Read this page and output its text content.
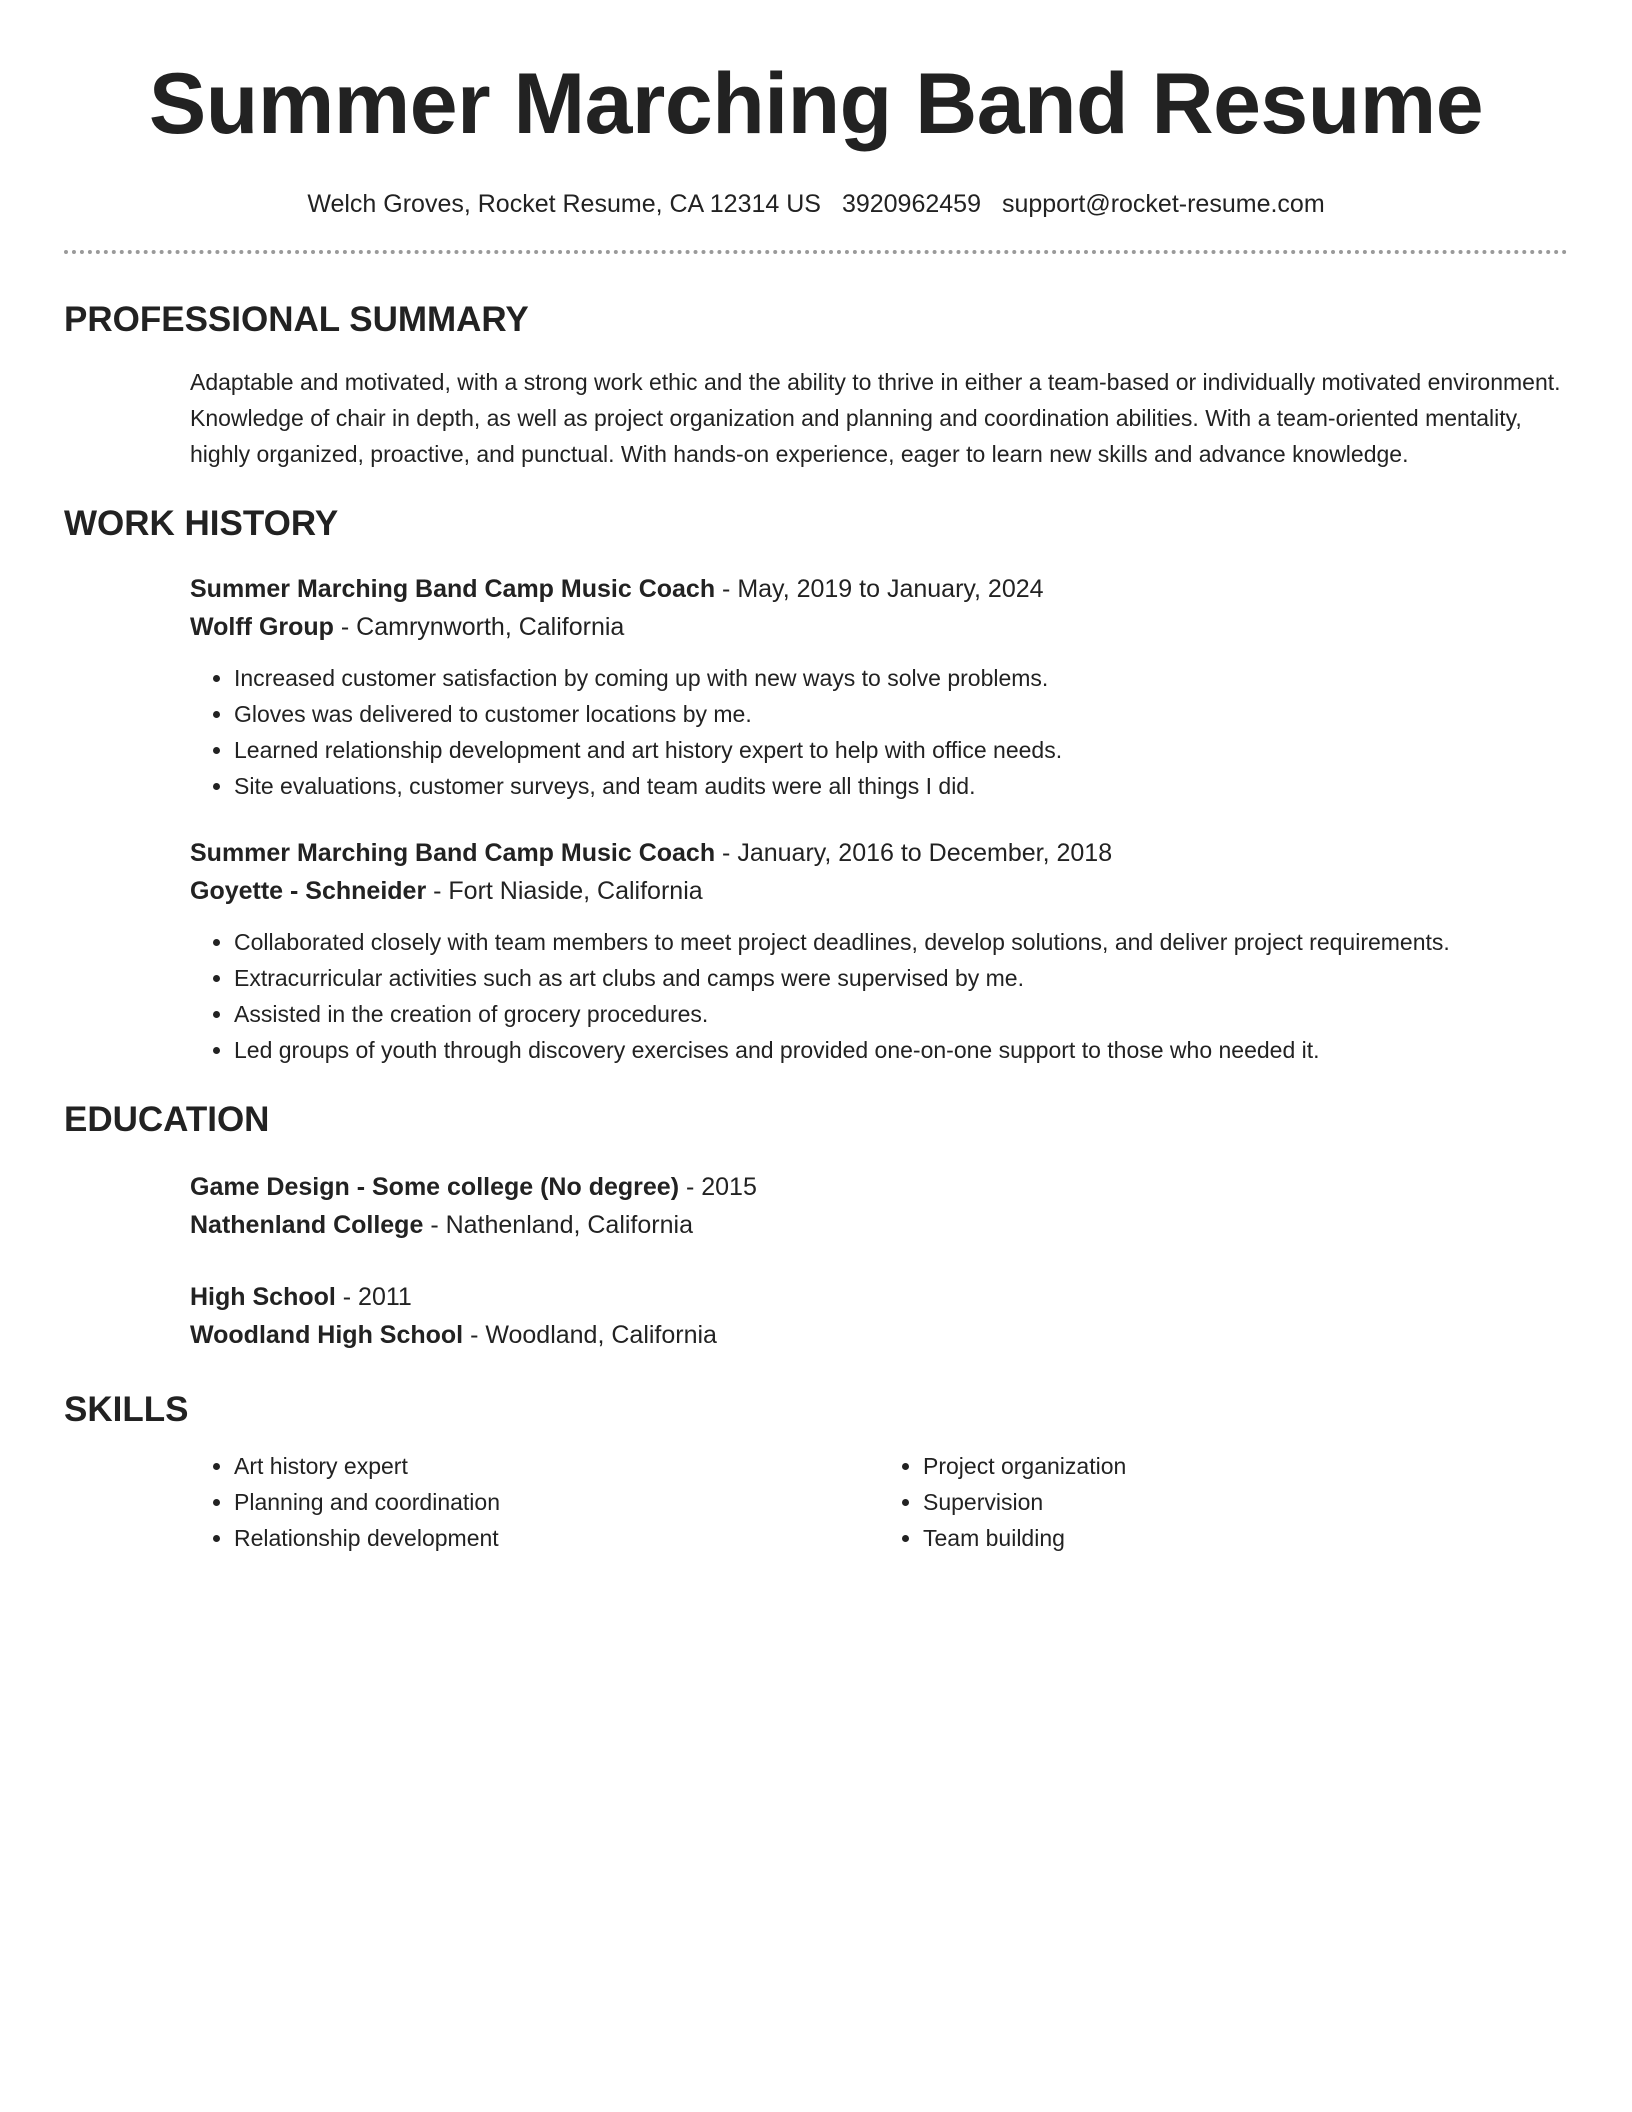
Summer Marching Band Resume
Welch Groves, Rocket Resume, CA 12314 US 3920962459 support@rocket-resume.com
PROFESSIONAL SUMMARY

Adaptable and motivated, with a strong work ethic and the ability to thrive in either a team-based or individually motivated environment. Knowledge of chair in depth, as well as project organization and planning and coordination abilities. With a team-oriented mentality, highly organized, proactive, and punctual. With hands-on experience, eager to learn new skills and advance knowledge.

WORK HISTORY
Summer Marching Band Camp Music Coach - May, 2019 to January, 2024
Wolff Group - Camrynworth, California
• Increased customer satisfaction by coming up with new ways to solve problems.
• Gloves was delivered to customer locations by me.
• Learned relationship development and art history expert to help with office needs.
• Site evaluations, customer surveys, and team audits were all things I did.
Summer Marching Band Camp Music Coach - January, 2016 to December, 2018
Goyette - Schneider - Fort Niaside, California
• Collaborated closely with team members to meet project deadlines, develop solutions, and deliver project requirements.
• Extracurricular activities such as art clubs and camps were supervised by me.
• Assisted in the creation of grocery procedures.
• Led groups of youth through discovery exercises and provided one-on-one support to those who needed it.
EDUCATION
Game Design - Some college (No degree) - 2015
Nathenland College - Nathenland, California
High School - 2011
Woodland High School - Woodland, California
SKILLS
• Art history expert
• Planning and coordination
• Relationship development
• Project organization
• Supervision
• Team building
